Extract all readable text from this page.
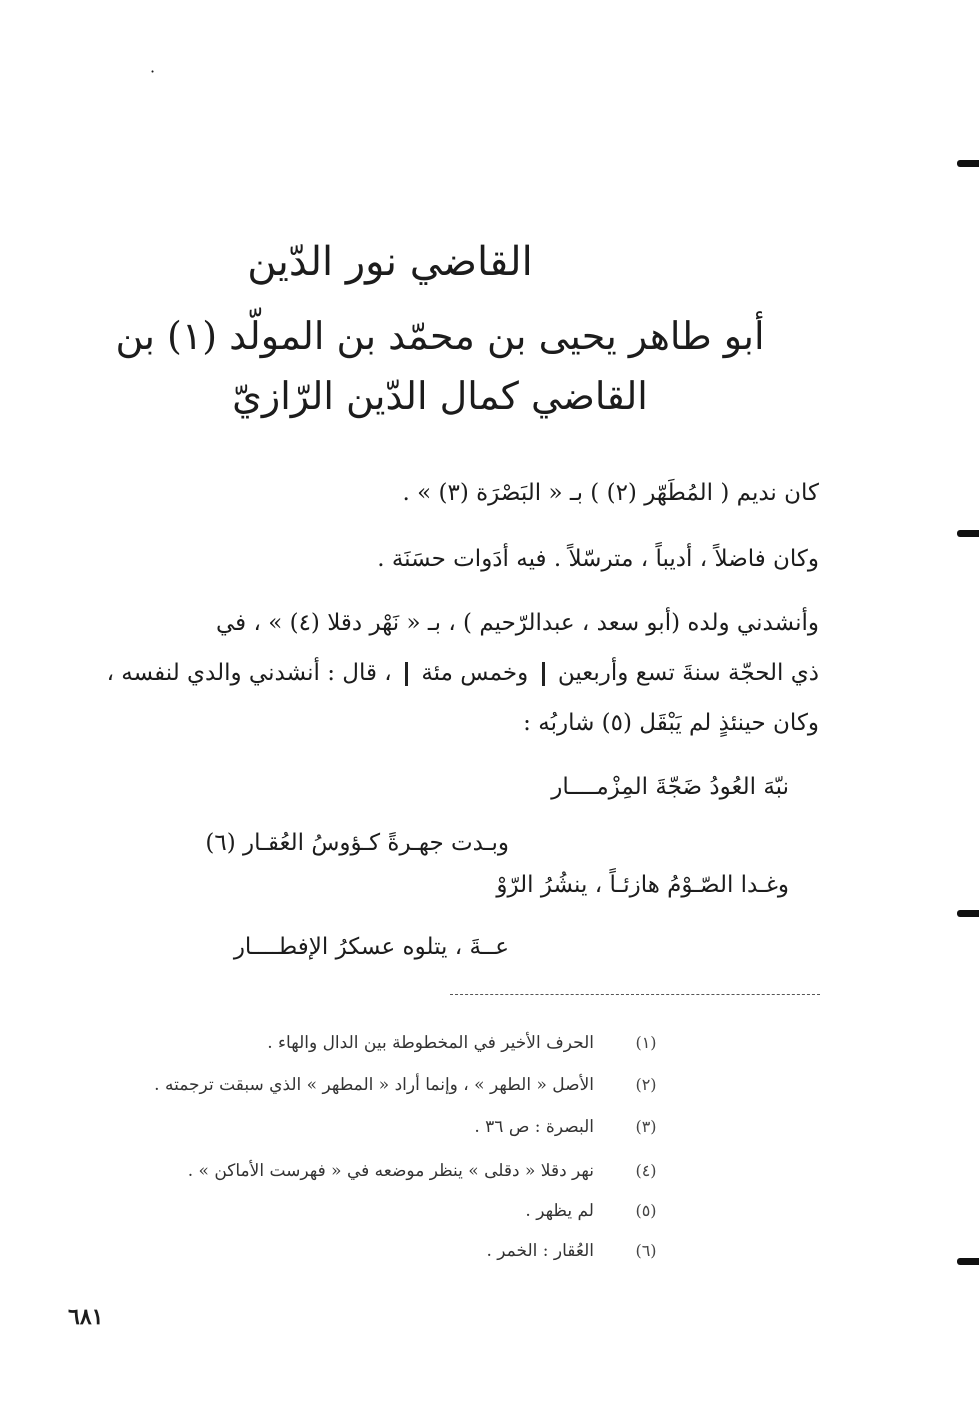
·
القاضي نور الدّين
أبو طاهر يحيى بن محمّد بن المولّد (١) بن القاضي كمال الدّين الرّازيّ
كان نديم ( المُطَهّر (٢) ) بـ « البَصْرَة (٣) » .
وكان فاضلاً ، أديباً ، مترسّلاً . فيه أدَوات حسَنَة .
وأنشدني ولده (أبو سعد ، عبدالرّحيم ) ، بـ « نَهْر دقلا (٤) » ، في
ذي الحجّة سنةَ تسع وأربعين  وخمس مئة  ، قال : أنشدني والدي لنفسه ،
وكان حينئذٍ لم يَبْقَل (٥) شاربُه :
نبّهَ العُودُ ضَجّةَ المِزْمــــار
وبـدت جهـرةً كـؤوسُ العُقـار (٦)
وغـدا الصّـوْمُ هازئـاً ، ينشُرُ الرّوْ
عــةَ ، يتلوه عسكرُ الإفطــــار
(١)
الحرف الأخير في المخطوطة بين الدال والهاء .
(٢)
الأصل « الطهر » ، وإنما أراد « المطهر » الذي سبقت ترجمته .
(٣)
البصرة : ص ٣٦ .
(٤)
نهر دقلا « دقلى » ينظر موضعه في « فهرست الأماكن » .
(٥)
لم يظهر .
(٦)
العُقار : الخمر .
٦٨١
